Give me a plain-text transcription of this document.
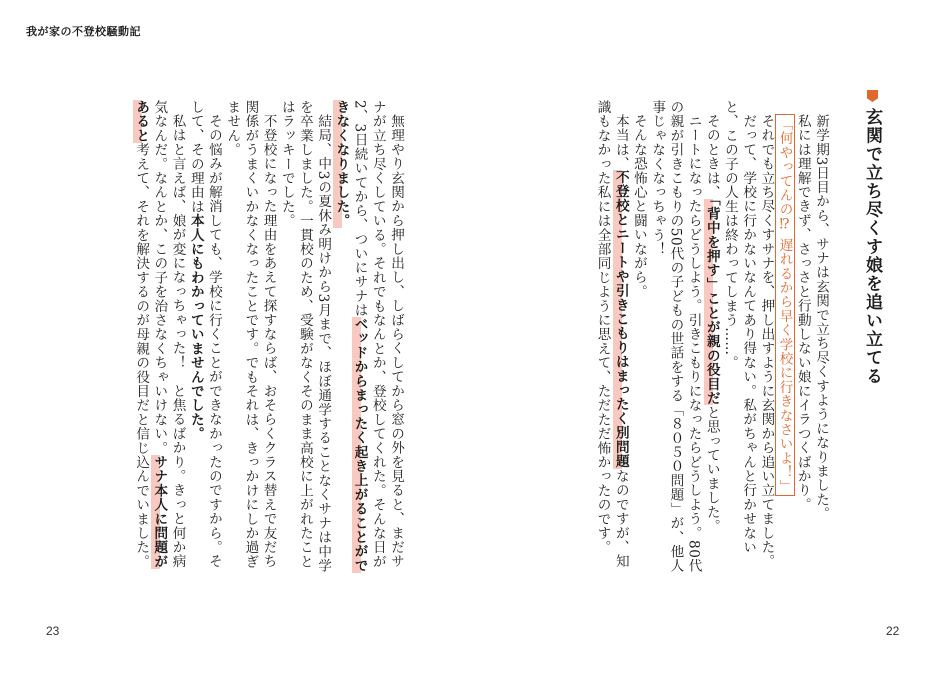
我が家の不登校騒動記
玄関で立ち尽くす娘を追い立てる

新学期3日目から、サナは玄関で立ち尽くすようになりました。

私には理解できず、さっさと行動しない娘にイラつくばかり。

「何やってんの⁉ 遅れるから早く学校に行きなさいよ！」

それでも立ち尽くすサナを、押し出すように玄関から追い立てました。

だって、学校に行かないなんてあり得ない。私がちゃんと行かせないと、この子の人生は終わってしまう……。

そのときは、「背中を押す」ことが親の役目だと思っていました。

ニートになったらどうしよう。引きこもりになったらどうしよう。80代の親が引きこもりの50代の子どもの世話をする「８０５０問題」が、他人事じゃなくなっちゃう！

そんな恐怖心と闘いながら。

本当は、不登校とニートや引きこもりはまったく別問題なのですが、知識もなかった私には全部同じように思えて、ただただ怖かったのです。

無理やり玄関から押し出し、しばらくしてから窓の外を見ると、まだサナが立ち尽くしている。それでもなんとか、登校してくれた。そんな日が2、3日続いてから、ついにサナはベッドからまったく起き上がることができなくなりました。

結局、中3の夏休み明けから3月まで、ほぼ通学することなくサナは中学を卒業しました。一貫校のため、受験がなくそのまま高校に上がれたことはラッキーでした。

不登校になった理由をあえて探すならば、おそらくクラス替えで友だち関係がうまくいかなくなったことです。でもそれは、きっかけにしか過ぎません。

その悩みが解消しても、学校に行くことができなかったのですから。そして、その理由は本人にもわかっていませんでした。

私はと言えば、娘が変になっちゃった！　と焦るばかり。きっと何か病気なんだ。なんとか、この子を治さなくちゃいけない。サナ本人に問題があると考えて、それを解決するのが母親の役目だと信じ込んでいました。

23	22
